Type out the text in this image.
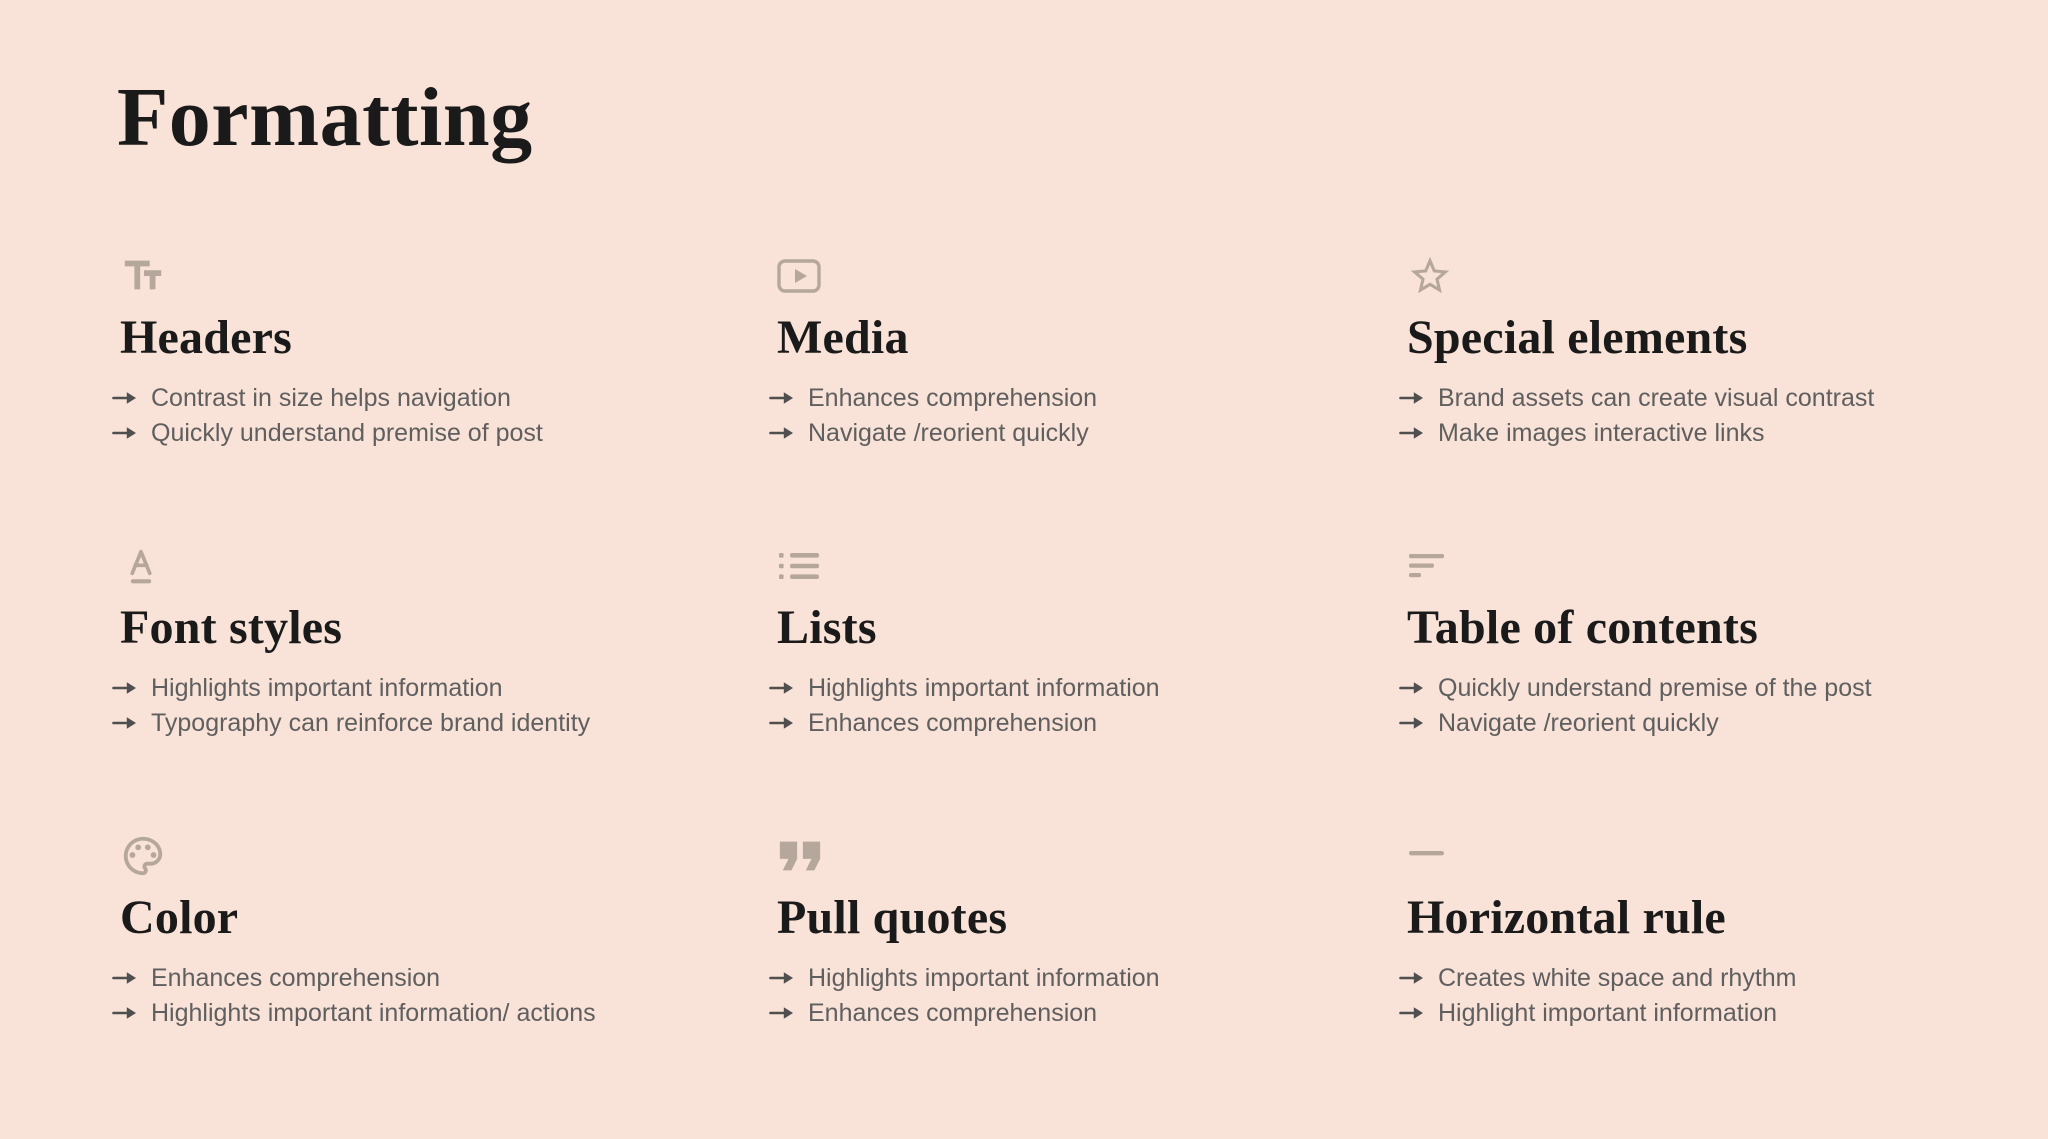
Formatting
Headers
Contrast in size helps navigation
Quickly understand premise of post
Media
Enhances comprehension
Navigate /reorient quickly
Special elements
Brand assets can create visual contrast
Make images interactive links
Font styles
Highlights important information
Typography can reinforce brand identity
Lists
Highlights important information
Enhances comprehension
Table of contents
Quickly understand premise of the post
Navigate /reorient quickly
Color
Enhances comprehension
Highlights important information/ actions
Pull quotes
Highlights important information
Enhances comprehension
Horizontal rule
Creates white space and rhythm
Highlight important information
